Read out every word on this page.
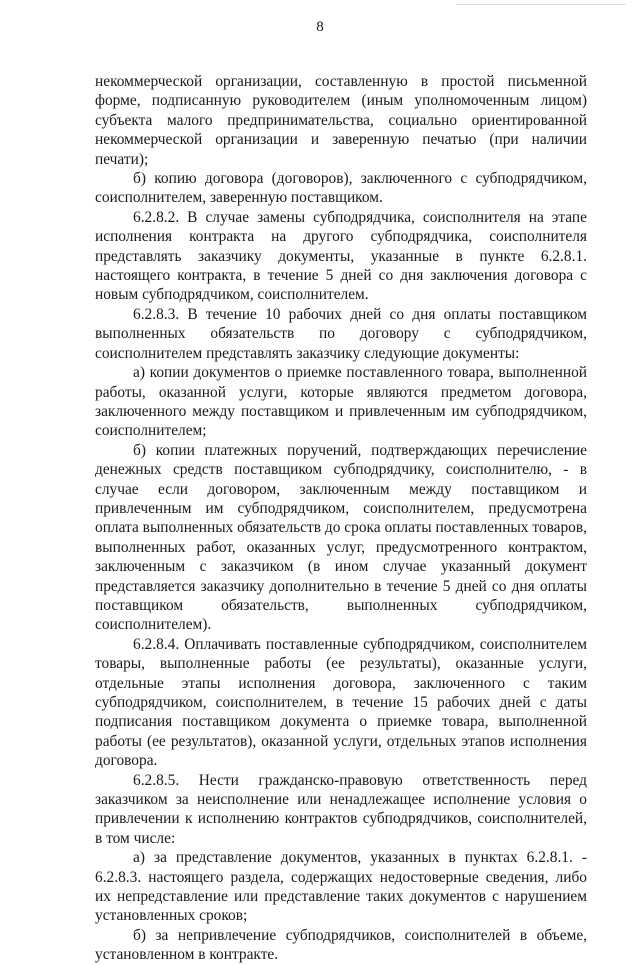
8

некоммерческой организации, составленную в простой письменной форме, подписанную руководителем (иным уполномоченным лицом) субъекта малого предпринимательства, социально ориентированной некоммерческой организации и заверенную печатью (при наличии печати);

б) копию договора (договоров), заключенного с субподрядчиком, соисполнителем, заверенную поставщиком.

6.2.8.2. В случае замены субподрядчика, соисполнителя на этапе исполнения контракта на другого субподрядчика, соисполнителя представлять заказчику документы, указанные в пункте 6.2.8.1. настоящего контракта, в течение 5 дней со дня заключения договора с новым субподрядчиком, соисполнителем.

6.2.8.3. В течение 10 рабочих дней со дня оплаты поставщиком выполненных обязательств по договору с субподрядчиком, соисполнителем представлять заказчику следующие документы:

а) копии документов о приемке поставленного товара, выполненной работы, оказанной услуги, которые являются предметом договора, заключенного между поставщиком и привлеченным им субподрядчиком, соисполнителем;

б) копии платежных поручений, подтверждающих перечисление денежных средств поставщиком субподрядчику, соисполнителю, - в случае если договором, заключенным между поставщиком и привлеченным им субподрядчиком, соисполнителем, предусмотрена оплата выполненных обязательств до срока оплаты поставленных товаров, выполненных работ, оказанных услуг, предусмотренного контрактом, заключенным с заказчиком (в ином случае указанный документ представляется заказчику дополнительно в течение 5 дней со дня оплаты поставщиком обязательств, выполненных субподрядчиком, соисполнителем).

6.2.8.4. Оплачивать поставленные субподрядчиком, соисполнителем товары, выполненные работы (ее результаты), оказанные услуги, отдельные этапы исполнения договора, заключенного с таким субподрядчиком, соисполнителем, в течение 15 рабочих дней с даты подписания поставщиком документа о приемке товара, выполненной работы (ее результатов), оказанной услуги, отдельных этапов исполнения договора.

6.2.8.5. Нести гражданско-правовую ответственность перед заказчиком за неисполнение или ненадлежащее исполнение условия о привлечении к исполнению контрактов субподрядчиков, соисполнителей, в том числе:

а) за представление документов, указанных в пунктах 6.2.8.1. - 6.2.8.3. настоящего раздела, содержащих недостоверные сведения, либо их непредставление или представление таких документов с нарушением установленных сроков;

б) за непривлечение субподрядчиков, соисполнителей в объеме, установленном в контракте.
